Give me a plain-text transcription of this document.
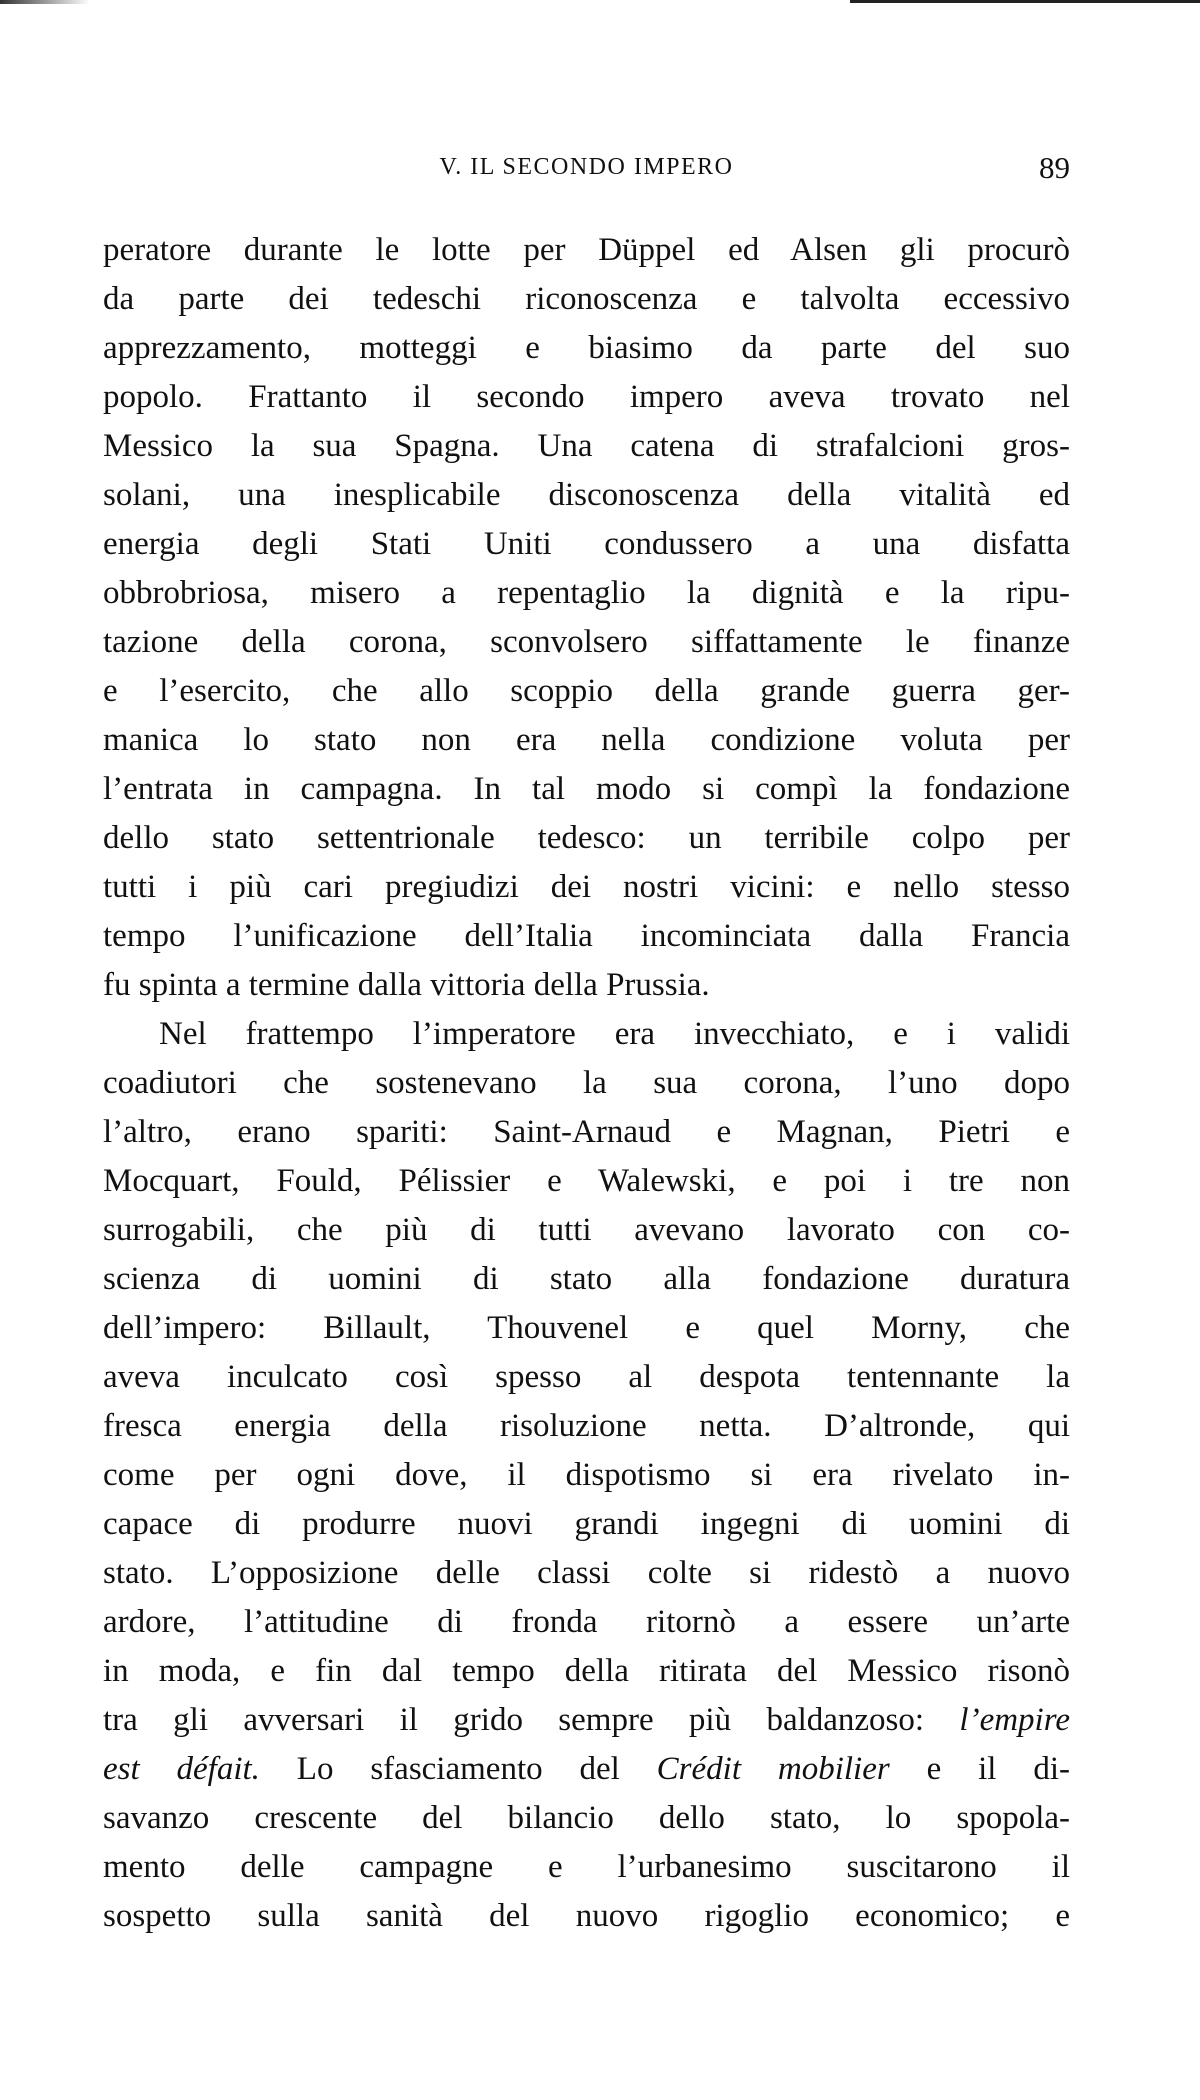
V. IL SECONDO IMPERO	89
peratore durante le lotte per Düppel ed Alsen gli procurò
da parte dei tedeschi riconoscenza e talvolta eccessivo
apprezzamento, motteggi e biasimo da parte del suo
popolo. Frattanto il secondo impero aveva trovato nel
Messico la sua Spagna. Una catena di strafalcioni gros-
solani, una inesplicabile disconoscenza della vitalità ed
energia degli Stati Uniti condussero a una disfatta
obbrobriosa, misero a repentaglio la dignità e la ripu-
tazione della corona, sconvolsero siffattamente le finanze
e l’esercito, che allo scoppio della grande guerra ger-
manica lo stato non era nella condizione voluta per
l’entrata in campagna. In tal modo si compì la fondazione
dello stato settentrionale tedesco: un terribile colpo per
tutti i più cari pregiudizi dei nostri vicini: e nello stesso
tempo l’unificazione dell’Italia incominciata dalla Francia
fu spinta a termine dalla vittoria della Prussia.
Nel frattempo l’imperatore era invecchiato, e i validi
coadiutori che sostenevano la sua corona, l’uno dopo
l’altro, erano spariti: Saint-Arnaud e Magnan, Pietri e
Mocquart, Fould, Pélissier e Walewski, e poi i tre non
surrogabili, che più di tutti avevano lavorato con co-
scienza di uomini di stato alla fondazione duratura
dell’impero: Billault, Thouvenel e quel Morny, che
aveva inculcato così spesso al despota tentennante la
fresca energia della risoluzione netta. D’altronde, qui
come per ogni dove, il dispotismo si era rivelato in-
capace di produrre nuovi grandi ingegni di uomini di
stato. L’opposizione delle classi colte si ridestò a nuovo
ardore, l’attitudine di fronda ritornò a essere un’arte
in moda, e fin dal tempo della ritirata del Messico risonò
tra gli avversari il grido sempre più baldanzoso: l’empire
est défait. Lo sfasciamento del Crédit mobilier e il di-
savanzo crescente del bilancio dello stato, lo spopola-
mento delle campagne e l’urbanesimo suscitarono il
sospetto sulla sanità del nuovo rigoglio economico; e
